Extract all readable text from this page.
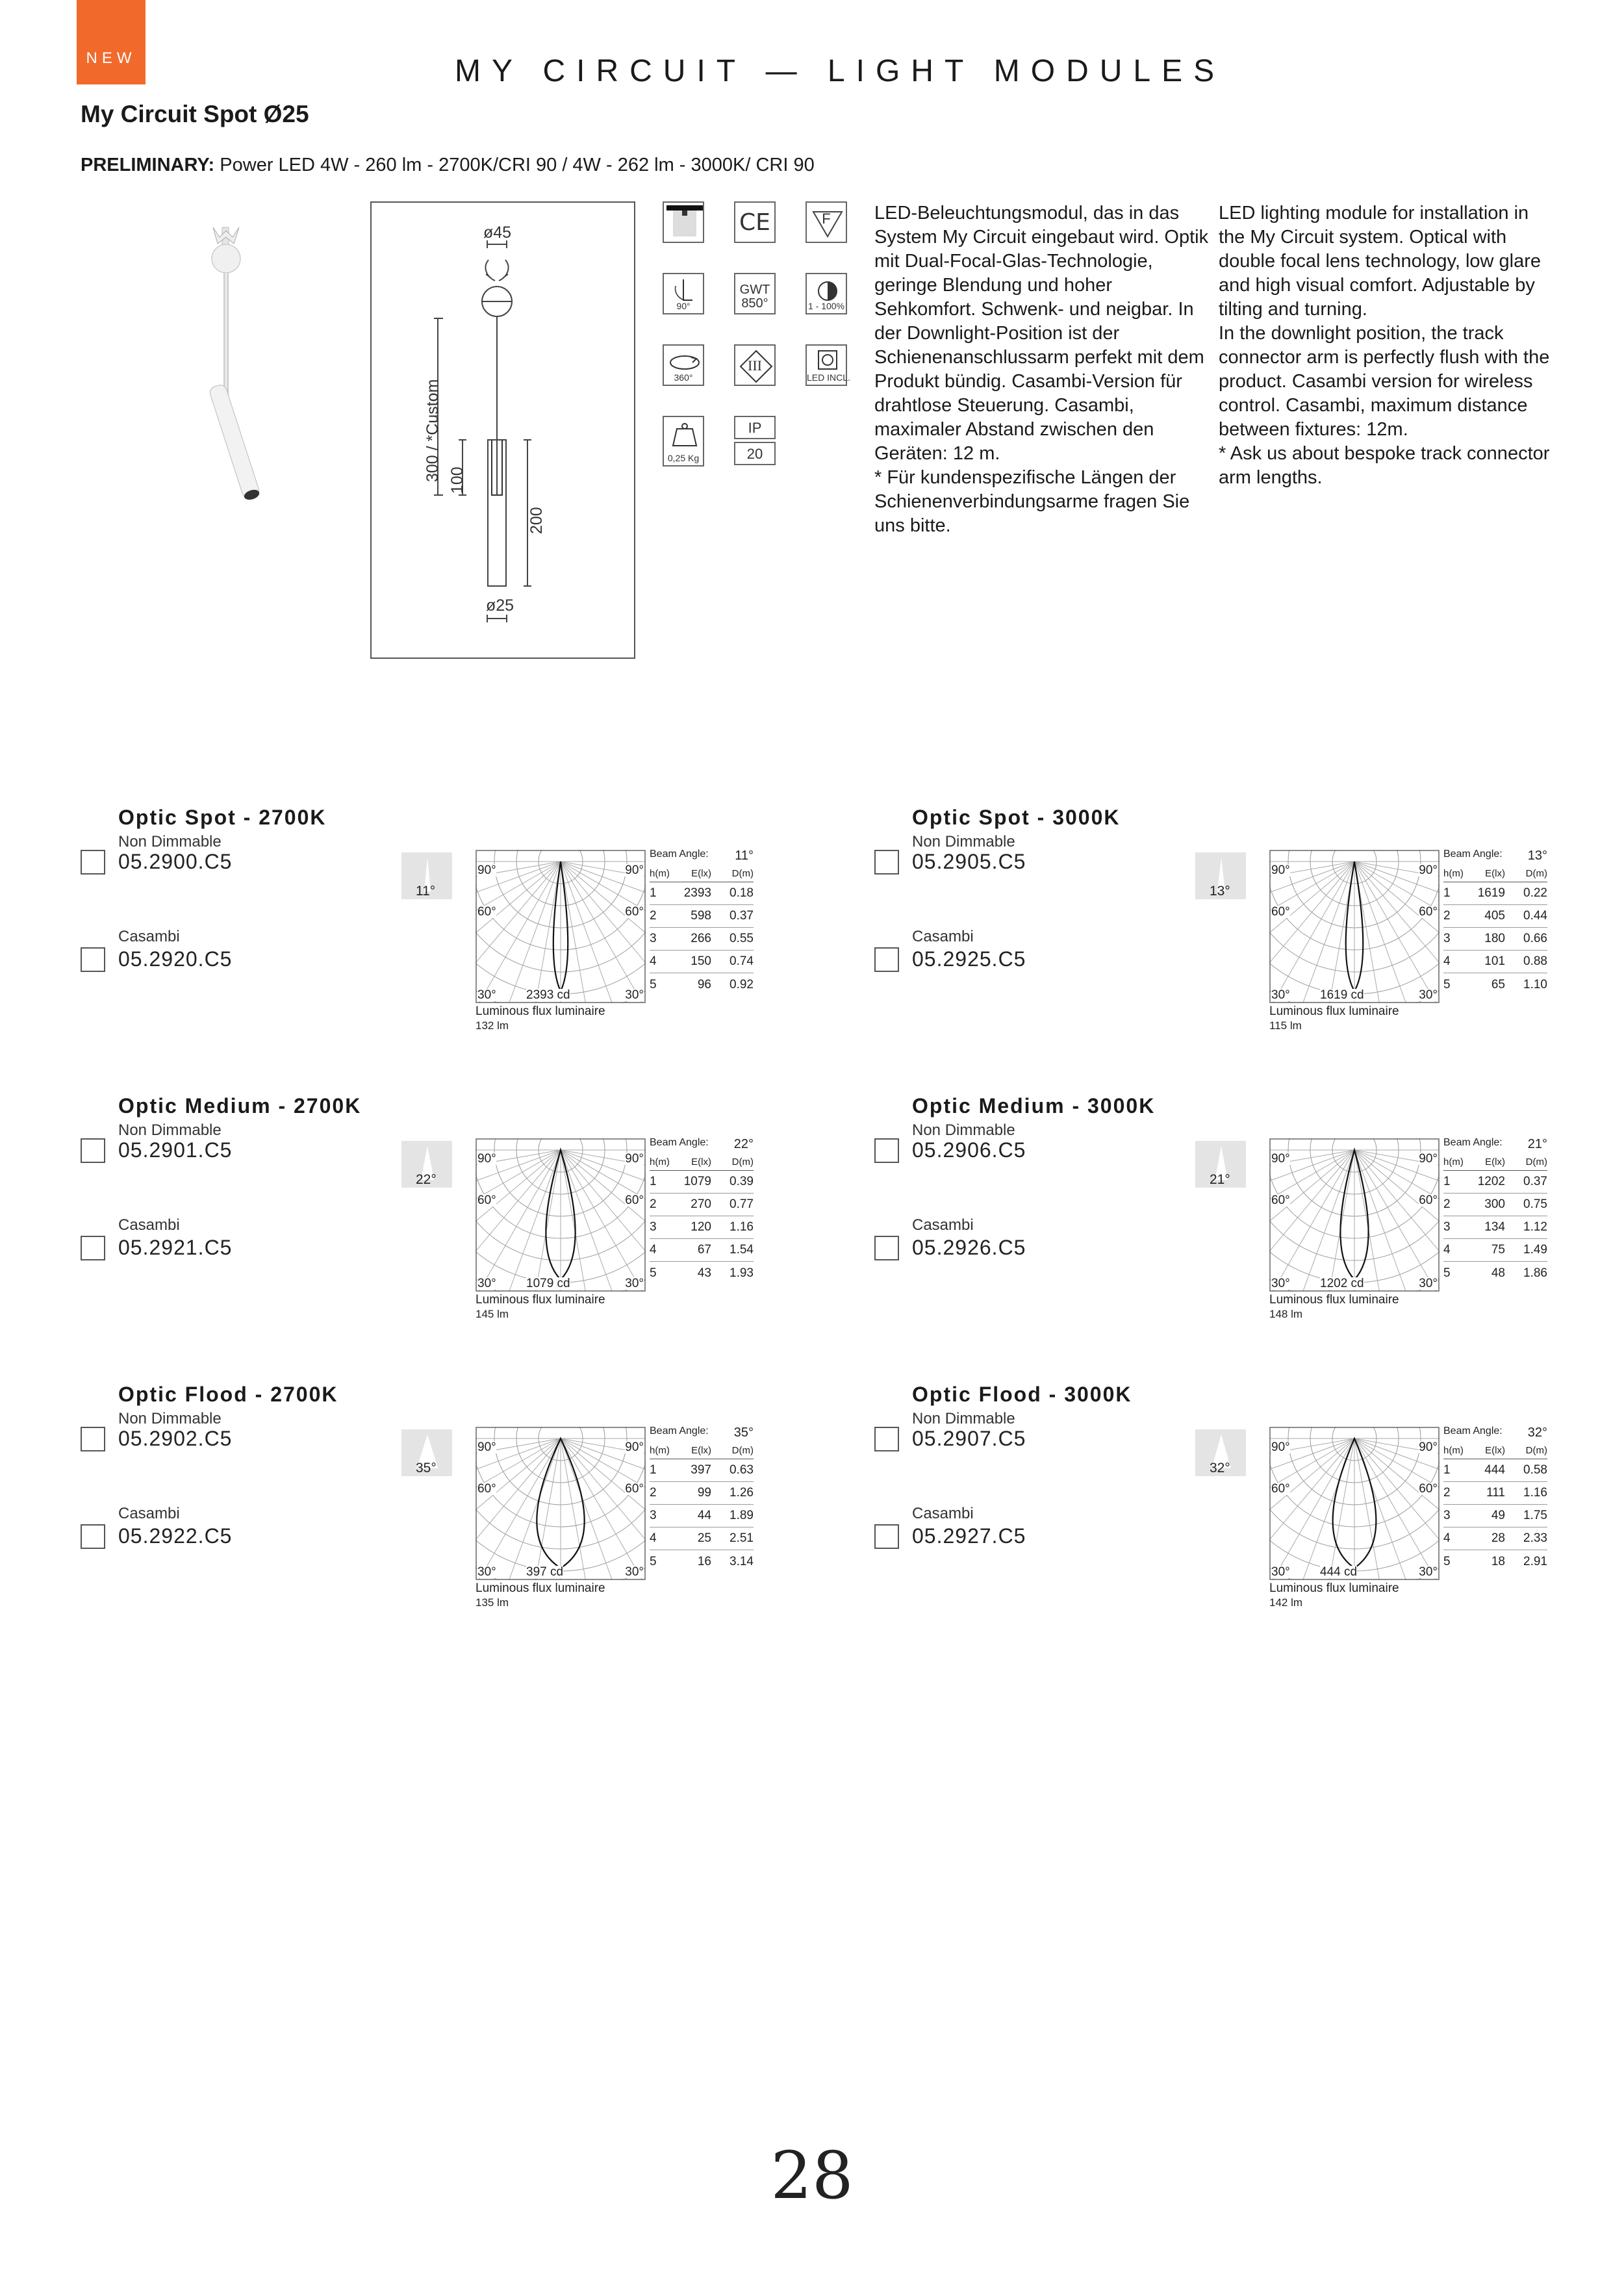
NEW	MY CIRCUIT — LIGHT MODULES
My Circuit Spot Ø25
PRELIMINARY: Power LED 4W - 260 lm - 2700K/CRI 90 / 4W - 262 lm - 3000K/ CRI 90
ø45
300 / *Custom 100
200
ø25
CE	F
90°
GWT
850°	1 - 100%
360°
III
LED INCL.
0,25 Kg
IP
20
LED-Beleuchtungsmodul, das in das System My Circuit eingebaut wird. Optik mit Dual-Focal-Glas-Technologie, geringe Blendung und hoher Sehkomfort. Schwenk- und neigbar. In der Downlight-Position ist der Schienenanschlussarm perfekt mit dem Produkt bündig. Casambi-Version für drahtlose Steuerung. Casambi, maximaler Abstand zwischen den Geräten: 12 m.
* Für kundenspezifische Längen der Schienenverbindungsarme fragen Sie uns bitte.
LED lighting module for installation in the My Circuit system. Optical with double focal lens technology, low glare and high visual comfort. Adjustable by tilting and turning.
In the downlight position, the track connector arm is perfectly flush with the product. Casambi version for wireless control. Casambi, maximum distance between fixtures: 12m.
* Ask us about bespoke track connector arm lengths.
Optic Spot - 2700K
Non Dimmable
05.2900.C5
Casambi
05.2920.C5
11°
90°	90°
60°	60°
30°	30°
2393 cd
Luminous flux luminaire
132 lm
Beam Angle: 11°
h(m)	E(lx)	D(m)
1	2393	0.18
2	598	0.37
3	266	0.55
4	150	0.74
5	96	0.92
Optic Spot - 3000K
Non Dimmable
05.2905.C5
Casambi
05.2925.C5
13°
90°	90°
60°	60°
30°	30°
1619 cd
Luminous flux luminaire
115 lm
Beam Angle: 13°
h(m)	E(lx)	D(m)
1	1619	0.22
2	405	0.44
3	180	0.66
4	101	0.88
5	65	1.10
Optic Medium - 2700K
Non Dimmable
05.2901.C5
Casambi
05.2921.C5
22°
90°	90°
60°	60°
30°	30°
1079 cd
Luminous flux luminaire
145 lm
Beam Angle: 22°
h(m)	E(lx)	D(m)
1	1079	0.39
2	270	0.77
3	120	1.16
4	67	1.54
5	43	1.93
Optic Medium - 3000K
Non Dimmable
05.2906.C5
Casambi
05.2926.C5
21°
90°	90°
60°	60°
30°	30°
1202 cd
Luminous flux luminaire
148 lm
Beam Angle: 21°
h(m)	E(lx)	D(m)
1	1202	0.37
2	300	0.75
3	134	1.12
4	75	1.49
5	48	1.86
Optic Flood - 2700K
Non Dimmable
05.2902.C5
Casambi
05.2922.C5
35°
90°	90°
60°	60°
30°	30°
397 cd
Luminous flux luminaire
135 lm
Beam Angle: 35°
h(m)	E(lx)	D(m)
1	397	0.63
2	99	1.26
3	44	1.89
4	25	2.51
5	16	3.14
Optic Flood - 3000K
Non Dimmable
05.2907.C5
Casambi
05.2927.C5
32°
90°	90°
60°	60°
30°	30°
444 cd
Luminous flux luminaire
142 lm
Beam Angle: 32°
h(m)	E(lx)	D(m)
1	444	0.58
2	111	1.16
3	49	1.75
4	28	2.33
5	18	2.91
28
